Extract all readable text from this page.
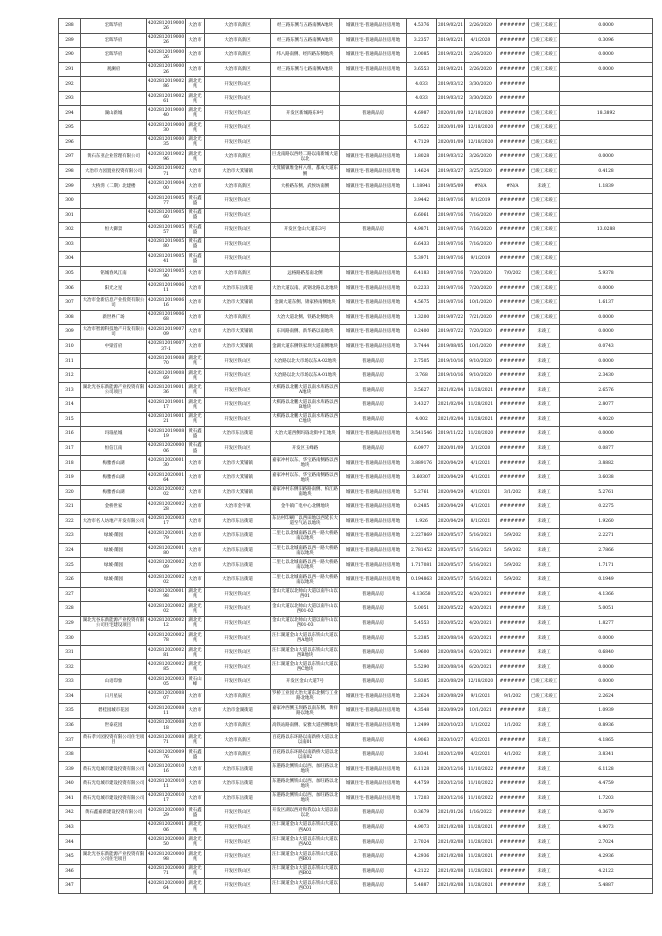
288	宏晖华府	420281201900026	大冶市	大冶市高新区	经三路东侧与五路南侧A地块	城镇住宅-普通商品住房用地	4.5376	2019/02/21	2/26/2020	#######	已竣工未竣工	0.0000
289	宏晖华府	420281201900026	大冶市	大冶市高新区	经三路东侧与五路南侧A地块	城镇住宅-普通商品住房用地	3.2357	2019/02/21	4/1/2020	#######	已竣工未竣工	0.3096
290	宏晖华府	420281201900026	大冶市	大冶市高新区	纬八路南侧、经四路东侧地块	城镇住宅-普通商品住房用地	2.0085	2019/02/21	2/26/2020	#######	已竣工未竣工	0.0000
291	观澜府	420281201900026	大冶市	大冶市高新区	经三路东侧与七路南侧A地块	城镇住宅-普通商品住房用地	3.6553	2019/02/21	2/26/2020	#######	已竣工未竣工	0.0000
292		420281201900286	湖北光兆	开发区铁山区			4.033	2019/03/12	3/30/2020	#######		
293		420281201900261	湖北光兆	开发区铁山区			4.033	2019/03/12	3/30/2020	#######		
294	湖山新城	420281201900040	湖北光兆	开发区铁山区	开发区新城路东9号	普通商品房	4.6987	2020/01/09	12/18/2020	#######	已竣工未竣工	18.3892
295		420281201900030	湖北光兆	开发区铁山区			5.0522	2020/01/09	12/18/2020	#######	已竣工未竣工	
296		420281201900035	湖北光兆	开发区铁山区			4.7129	2020/01/09	12/18/2020	#######	已竣工未竣工	
297	黄石东亚企业管理有限公司	420281201900296	湖北光兆	大冶市高新区	巨龙南路以西经二路以南新城大道以北	城镇住宅-普通商品住房用地	1.8028	2019/03/12	3/26/2020	#######	已竣工未竣工	0.0000
298	大冶市力园置业投资有限公司	420281201900271	大冶市	大冶市大箕铺镇	大箕铺镇堆金村八组、都成大道东侧	城镇住宅-普通商品住房用地	1.4624	2019/03/27	3/25/2020	#######	已竣工未竣工	0.4128
299	大桥湾（二期）北建楼	420281201900400	大冶市	大冶市高新区	大桥路东侧、武侯坊南侧	城镇住宅-普通商品住房用地	1.18941	2019/05/09	#N/A	#N/A	未竣工	1.1839
300		420281201900577	黄石鑫盛	开发区铁山区			3.9442	2019/07/16	9/1/2019	#######	已竣工未竣工	
301		420281201900560	黄石鑫盛	开发区铁山区			6.6061	2019/07/16	7/16/2020	#######	已竣工未竣工	
302	恒大御景	420281201900557	黄石鑫盛	开发区铁山区	开发区金山大道东3号	普通商品房	4.9871	2019/07/16	7/16/2020	#######	已竣工未竣工	13.0288
303		420281201900580	黄石鑫盛	开发区铁山区			6.6433	2019/07/16	7/16/2020	#######	已竣工未竣工	
304		420281201900541	黄石鑫盛	开发区铁山区			5.3971	2019/07/16	9/1/2019	#######	已竣工未竣工	
305	铭城春风江南	420281201900590	大冶市	大冶市高新区	远格路路基南北侧	城镇住宅-普通商品住房用地	6.4183	2019/07/16	7/20/2020	7/0/202	已竣工未竣工	5.9378
306	阳光之星	420281201900611	大冶市	大冶市东岳街道	大冶大道以南、武钢北路以北地块	城镇住宅-普通商品住房用地	0.2233	2019/07/16	7/20/2020	#######	已竣工未竣工	0.0000
307	大冶市金新信息产业投资有限公司	420281201900616	大冶市	大冶市大箕铺镇	金湖大道东侧、锦家桥南侧地块	城镇住宅-普通商品住房用地	4.5675	2019/07/16	10/1/2020	#######	已竣工未竣工	1.6137
308	新世界广场	420281201900668	大冶市	大冶市高新区	大冶大道北侧、铁路北侧地块	城镇住宅-普通商品住房用地	1.3200	2019/07/22	7/21/2020	#######	已竣工未竣工	0.0000
309	大冶市智源科技地产开发有限公司	420281201900709	大冶市	大冶市大箕铺镇	东风路南侧、新华路以南地块	城镇住宅-普通商品住房用地	0.2400	2019/07/22	7/20/2020	#######	未竣工	0.0000
310	中梁首府	420281201900737-1	大冶市	大冶市大箕铺镇	金湖大道东侧铁家坝大道南侧地块	城镇住宅-普通商品住房用地	3.7444	2019/08/05	10/1/2020	#######	未竣工	0.0743
311		420281201900870	湖北光兆	开发区铁山区	大冶路以北大市场以东A-02地块	普通商品房	2.7505	2019/10/16	9/10/2020	#######	未竣工	0.0000
312		420281201900869	湖北光兆	开发区铁山区	大冶路以北大市场以东A-01地块	普通商品房	3.768	2019/10/16	9/10/2020	#######	未竣工	2.3430
313	湖北光谷东新能源产业投资有限公司项目	420281201900136	湖北光兆	开发区铁山区	大棋路以北鹏大道以南水库路以西A地块	普通商品房	3.5627	2021/02/04	11/28/2021	#######	未竣工	2.6576
314		420281201900117	湖北光兆	开发区铁山区	大棋路以北鹏大道以南水库路以西B地块	普通商品房	3.4327	2021/02/04	11/28/2021	#######	未竣工	2.8077
315		420281201900121	湖北光兆	开发区铁山区	大棋路以北鹏大道以南水库路以西C地块	普通商品房	4.002	2021/02/04	11/28/2021	#######	未竣工	4.0020
316	玛瑙星城	420281201900819	黄石鑫盛	大冶市东岳街道	大冶大道西侧玛瑙北街中汇地块	城镇住宅-普通商品住房用地	3.541546	2019/11/22	11/20/2020	#######	未竣工	0.0000
317	恒信江南	420281202000006	黄石鑫盛	开发区铁山区	开发区玉峰路	普通商品房	6.0977	2020/01/09	3/1/2020	#######	未竣工	0.0877
318	梅雅香山湖	420281202000130	大冶市	大冶市大箕铺镇	嘉家冲村以东、华宝路南侧路以西地块	城镇住宅-普通商品住房用地	3.889176	2020/04/29	4/1/2021	#######	未竣工	3.8882
319	梅雅香山湖	420281202000164	大冶市	大冶市大箕铺镇	嘉家冲村以东、华宝路南侧路以西地块	城镇住宅-普通商品住房用地	3.60307	2020/04/29	4/1/2021	#######	未竣工	3.6038
320	梅雅香山湖	420281202000202	大冶市	大冶市大箕铺镇	嘉家冲村东侧旧路路南侧、柏江路南地块	城镇住宅-普通商品住房用地	5.2761	2020/04/29	4/1/2021	3/1/202	未竣工	5.2761
321	金桥世家	420281202000228	大冶市	大冶市金牛镇	金牛镇广电中心北侧地块	城镇住宅-普通商品住房用地	0.2485	2020/04/29	4/1/2021	#######	未竣工	0.2275
322	大冶市名人坊地产开发有限公司	420281202000317	大冶市	大冶市东岳街道	东岳村印刷厂以西田地以西延长大道至气站以地块	城镇住宅-普通商品住房用地	1.926	2020/04/29	8/1/2021	#######	未竣工	1.9260
323	绿城·蘭园	420281202000179	大冶市	大冶市东岳街道	二里七以北城南路以西一路大桥路南以地块	城镇住宅-普通商品住房用地	2.227869	2020/05/17	5/16/2021	5/9/202	未竣工	2.2271
324	绿城·蘭园	420281202000180	大冶市	大冶市东岳街道	二里七以北城南路以西一路大桥路南以地块	城镇住宅-普通商品住房用地	2.781452	2020/05/17	5/16/2021	5/9/202	未竣工	2.7866
325	绿城·蘭园	420281202000209	大冶市	大冶市东岳街道	二里七以北城南路以西一路大桥路南以地块	城镇住宅-普通商品住房用地	1.717081	2020/05/17	5/16/2021	5/9/202	未竣工	1.7171
326	绿城·蘭园	420281202000202	大冶市	大冶市东岳街道	二里七以北城南路以西一路大桥路南以地块	城镇住宅-普通商品住房用地	0.194863	2020/05/17	5/16/2021	5/9/202	未竣工	0.1949
327		420281202000198	湖北光兆	开发区铁山区	金山大道以北帅山大道以南牛山以西01	普通商品房	4.13658	2020/05/22	4/20/2021	#######	未竣工	4.1366
328		420281202000202	湖北光兆	开发区铁山区	金山大道以北帅山大道以南牛山以西01-02	普通商品房	5.0051	2020/05/22	4/20/2021	#######	未竣工	5.0051
329	湖北光谷东新能源产业投资有限公司住宅建设项目	420281202000212	湖北光兆	开发区铁山区	金山大道以北帅山大道以南牛山以西01-03	普通商品房	5.4553	2020/05/22	4/20/2021	#######	未竣工	1.8277
330		420281202000278	湖北光兆	开发区铁山区	汪仁湖道金山大道以东铁山大道以西A地块	普通商品房	5.2385	2020/08/14	6/20/2021	#######	未竣工	0.0000
331		420281202000281	湖北光兆	开发区铁山区	汪仁湖道金山大道以东铁山大道以西B地块	普通商品房	5.9600	2020/08/14	6/20/2021	#######	未竣工	0.6840
332		420281202000285	湖北光兆	开发区铁山区	汪仁湖道金山大道以东铁山大道以西C地块	普通商品房	5.5290	2020/08/14	6/20/2021	#######	未竣工	0.0000
333	山语印象	420281202000305	黄石山峰	开发区铁山区	开发区金山大道7号	普通商品房	5.8385	2020/08/29	12/18/2020	#######	已竣工未竣工	0.0000
334	日月星辰	420281202000807	大冶市	大冶市高新区	罗桥工业园大冶大道东北侧与工业路北地块	城镇住宅-普通商品住房用地	2.2624	2020/08/29	9/1/2021	9/1/202	已竣工未竣工	2.2624
335	碧桂园城市花园	420281202000811	大冶市	大冶市金湖街道	嘉家冲西侧玉坝路以南东侧、黄祥路以地块	城镇住宅-普通商品住房用地	4.3548	2020/09/29	10/1/2021	#######	未竣工	1.0939
336	世泰花园	420281202000818	大冶市	大冶市高新区	高铁站路南侧、安雅大道西侧地块	城镇住宅-普通商品住房用地	1.2499	2020/10/23	1/1/2022	1/1/202	未竣工	0.8936
337	黄石孝兴园投资有限公司住宅项目	420281202000871	湖北光兆	大冶市高新区	百花路以东环路以南新桥大道以北以南01	普通商品房	4.9063	2020/10/27	4/2/2021	#######	未竣工	4.1865
338		420281202000976	黄石鑫盛	大冶市高新区	百花路以东环路以南新桥大道以北以南02	普通商品房	3.8341	2020/12/09	4/2/2021	4/1/202	未竣工	3.8341
339	黄石光电城市建设投资有限公司	420281202001016	大冶市	大冶市东岳街道	东港路北侧铁山以西、加旺路以北地块	城镇住宅-普通商品住房用地	6.1128	2020/12/16	11/10/2022	#######	未竣工	6.1128
340	黄石光电城市建设投资有限公司	420281202001011	大冶市	大冶市东岳街道	东港路北侧铁山以西、加旺路以北地块	城镇住宅-普通商品住房用地	4.4759	2020/12/16	11/10/2022	#######	未竣工	4.4759
341	黄石光电城市建设投资有限公司	420281202001017	大冶市	大冶市东岳街道	东港路北侧铁山以西、加旺路以北地块	城镇住宅-普通商品住房用地	1.7203	2020/12/16	11/10/2022	#######	未竣工	1.7203
342	黄石鑫嘉新建设投资有限公司	420281202000029	黄石鑫盛	开发区铁山区	开发区湖以西对和我以山大道以南以北	普通商品房	0.3679	2021/01/26	1/16/2022	#######	未竣工	0.3679
343		420281202000106	湖北光兆	开发区铁山区	汪仁湖道金山大道以东铁山大道以西A01	普通商品房	4.9073	2021/02/08	11/28/2021	#######	未竣工	4.9073
344		420281202000050	湖北光兆	开发区铁山区	汪仁湖道金山大道以东铁山大道以西A02	普通商品房	2.7024	2021/02/08	11/28/2021	#######	未竣工	2.7024
345	湖北光谷东新能源产业投资有限公司住宅项目	420281202000098	湖北光兆	开发区铁山区	汪仁湖道金山大道以东铁山大道以西B01	普通商品房	4.2936	2021/02/08	11/28/2021	#######	未竣工	4.2936
346		420281202000071	湖北光兆	开发区铁山区	汪仁湖道金山大道以东铁山大道以西B02	普通商品房	4.2122	2021/02/08	11/28/2021	#######	未竣工	4.2122
347		420281202000064	湖北光兆	开发区铁山区	汪仁湖道金山大道以东铁山大道以西C01	普通商品房	5.4887	2021/02/08	11/28/2021	#######	未竣工	5.4887
